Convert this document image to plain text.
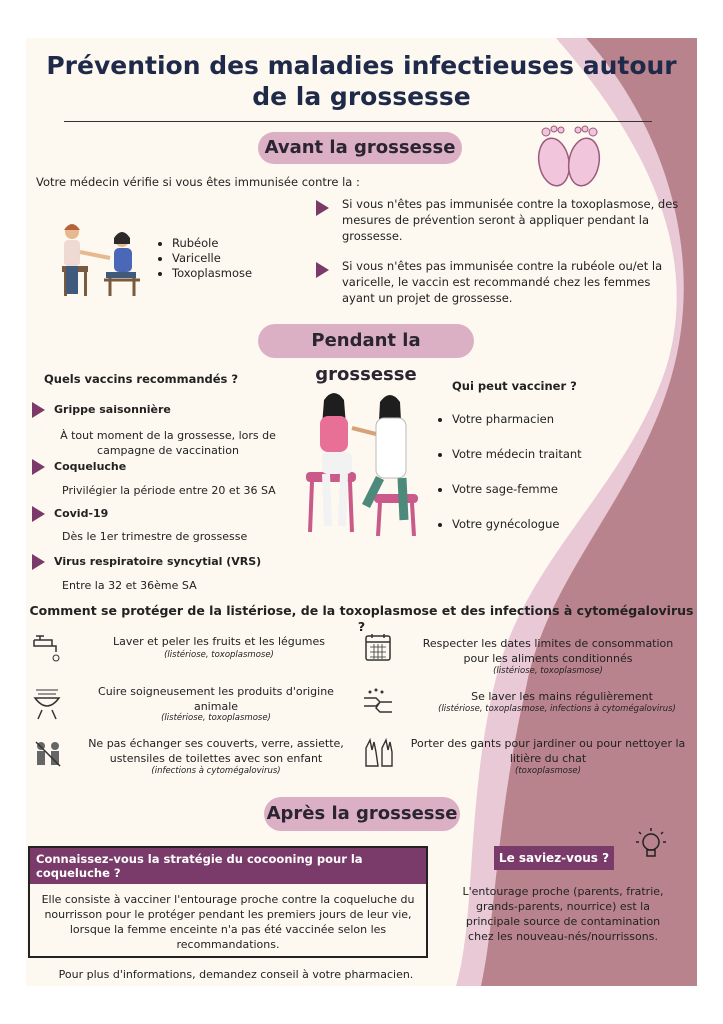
Prévention des maladies infectieuses autour de la grossesse
Avant la grossesse
Votre médecin vérifie si vous êtes immunisée contre la :
• Rubéole
• Varicelle
• Toxoplasmose
Si vous n'êtes pas immunisée contre la toxoplasmose, des mesures de prévention seront à appliquer pendant la grossesse.
Si vous n'êtes pas immunisée contre la rubéole ou/et la varicelle, le vaccin est recommandé chez les femmes ayant un projet de grossesse.
Pendant la grossesse
Quels vaccins recommandés ?
Grippe saisonnière
À tout moment de la grossesse, lors de campagne de vaccination
Coqueluche
Privilégier la période entre 20 et 36 SA
Covid-19
Dès le 1er trimestre de grossesse
Virus respiratoire syncytial (VRS)
Entre la 32 et 36ème SA
Qui peut vacciner ?
• Votre pharmacien
• Votre médecin traitant
• Votre sage-femme
• Votre gynécologue
Comment se protéger de la listériose, de la toxoplasmose et des infections à cytomégalovirus ?
Laver et peler les fruits et les légumes
(listériose, toxoplasmose)
Cuire soigneusement les produits d'origine animale
(listériose, toxoplasmose)
Ne pas échanger ses couverts, verre, assiette, ustensiles de toilettes avec son enfant
(infections à cytomégalovirus)
Respecter les dates limites de consommation pour les aliments conditionnés
(listériose, toxoplasmose)
Se laver les mains régulièrement
(listériose, toxoplasmose, infections à cytomégalovirus)
Porter des gants pour jardiner ou pour nettoyer la litière du chat
(toxoplasmose)
Après la grossesse
Connaissez-vous la stratégie du cocooning pour la coqueluche ?
Elle consiste à vacciner l'entourage proche contre la coqueluche du nourrisson pour le protéger pendant les premiers jours de leur vie, lorsque la femme enceinte n'a pas été vaccinée selon les recommandations.
Le saviez-vous ?
L'entourage proche (parents, fratrie, grands-parents, nourrice) est la principale source de contamination chez les nouveau-nés/nourrissons.
Pour plus d'informations, demandez conseil à votre pharmacien.
